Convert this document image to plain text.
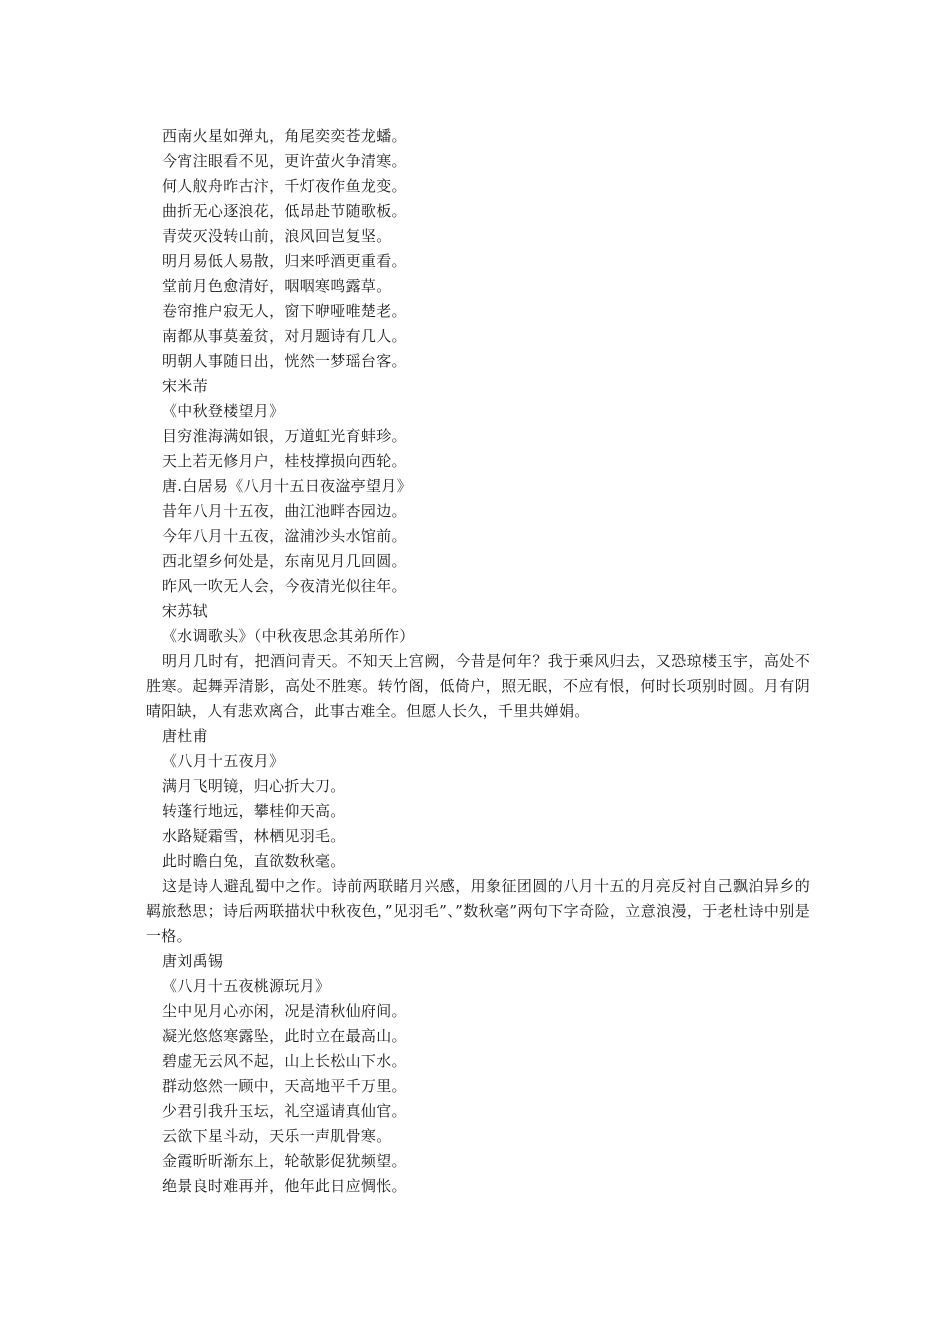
西南火星如弹丸，角尾奕奕苍龙蟠。
今宵注眼看不见，更许萤火争清寒。
何人舣舟昨古汴，千灯夜作鱼龙变。
曲折无心逐浪花，低昂赴节随歌板。
青荧灭没转山前，浪风回岂复坚。
明月易低人易散，归来呼酒更重看。
堂前月色愈清好，咽咽寒鸣露草。
卷帘推户寂无人，窗下咿哑唯楚老。
南都从事莫羞贫，对月题诗有几人。
明朝人事随日出，恍然一梦瑶台客。
宋米芾
《中秋登楼望月》
目穷淮海满如银，万道虹光育蚌珍。
天上若无修月户，桂枝撑损向西轮。
唐.白居易《八月十五日夜湓亭望月》
昔年八月十五夜，曲江池畔杏园边。
今年八月十五夜，湓浦沙头水馆前。
西北望乡何处是，东南见月几回圆。
昨风一吹无人会，今夜清光似往年。
宋苏轼
《水调歌头》（中秋夜思念其弟所作）
明月几时有，把酒问青天。不知天上宫阙，今昔是何年？我于乘风归去，又恐琼楼玉宇，高处不胜寒。起舞弄清影，高处不胜寒。转竹阁，低倚户，照无眠，不应有恨，何时长项别时圆。月有阴晴阳缺，人有悲欢离合，此事古难全。但愿人长久，千里共婵娟。
唐杜甫
《八月十五夜月》
满月飞明镜，归心折大刀。
转蓬行地远，攀桂仰天高。
水路疑霜雪，林栖见羽毛。
此时瞻白兔，直欲数秋毫。
这是诗人避乱蜀中之作。诗前两联睹月兴感，用象征团圆的八月十五的月亮反衬自己飘泊异乡的羁旅愁思；诗后两联描状中秋夜色，”见羽毛”、”数秋毫”两句下字奇险，立意浪漫，于老杜诗中别是一格。
唐刘禹锡
《八月十五夜桃源玩月》
尘中见月心亦闲，况是清秋仙府间。
凝光悠悠寒露坠，此时立在最高山。
碧虚无云风不起，山上长松山下水。
群动悠然一顾中，天高地平千万里。
少君引我升玉坛，礼空遥请真仙官。
云欲下星斗动，天乐一声肌骨寒。
金霞昕昕渐东上，轮欹影促犹频望。
绝景良时难再并，他年此日应惆怅。
